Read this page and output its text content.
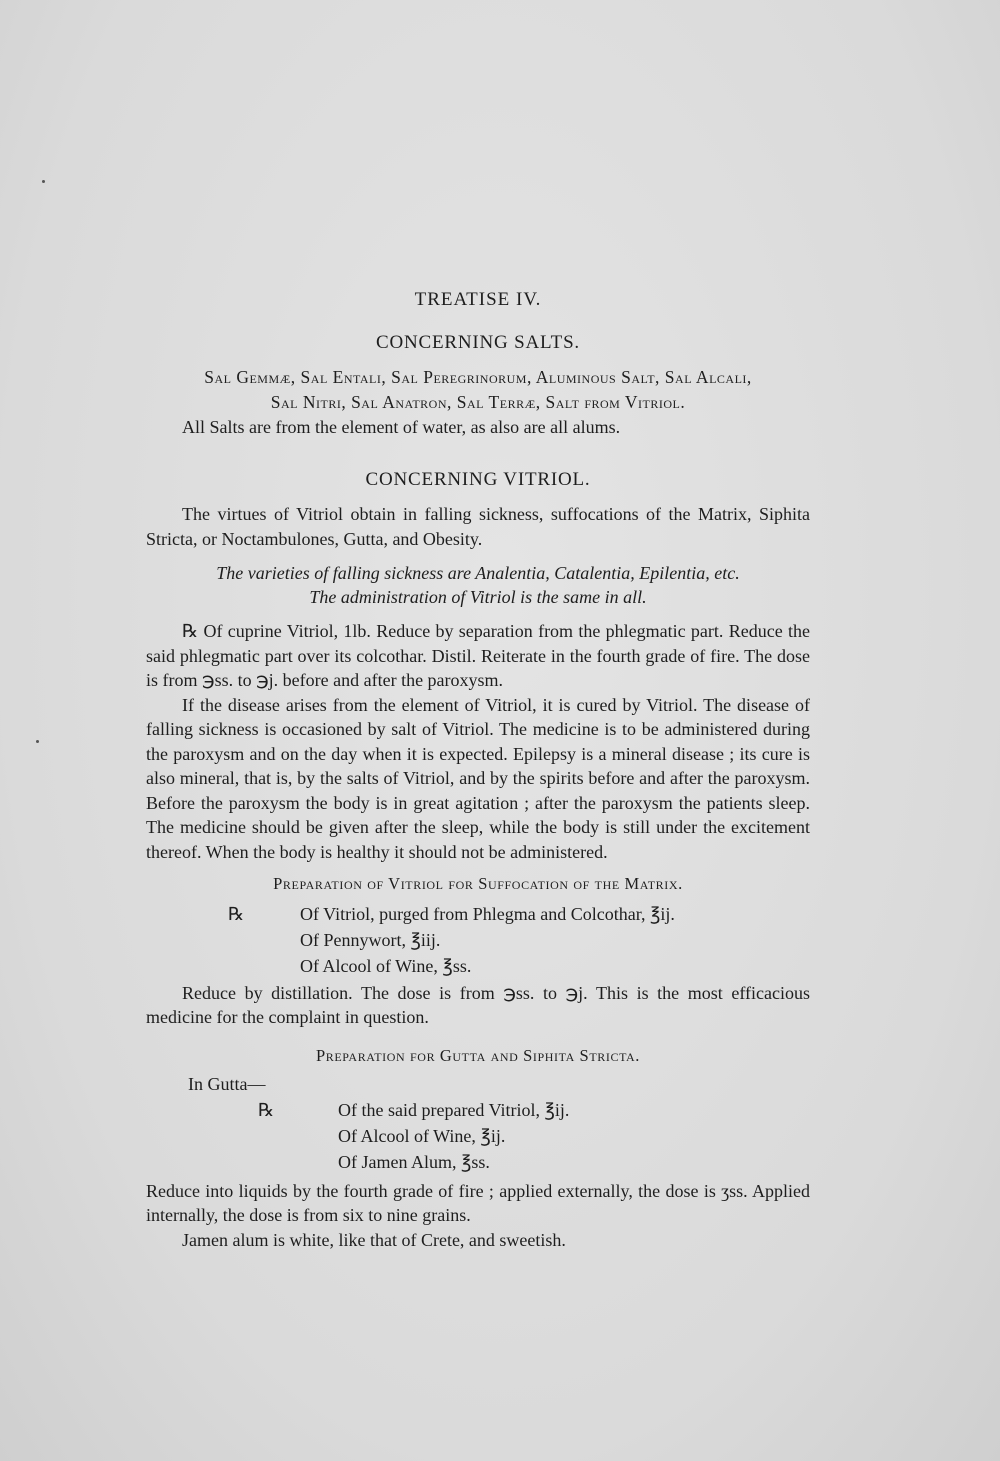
TREATISE IV.
CONCERNING SALTS.
Sal Gemmæ, Sal Entali, Sal Peregrinorum, Aluminous Salt, Sal Alcali,
Sal Nitri, Sal Anatron, Sal Terræ, Salt from Vitriol.

All Salts are from the element of water, as also are all alums.

CONCERNING VITRIOL.

The virtues of Vitriol obtain in falling sickness, suffocations of the Matrix, Siphita Stricta, or Noctambulones, Gutta, and Obesity.

The varieties of falling sickness are Analentia, Catalentia, Epilentia, etc.
The administration of Vitriol is the same in all.

℞ Of cuprine Vitriol, 1lb. Reduce by separation from the phlegmatic part. Reduce the said phlegmatic part over its colcothar. Distil. Reiterate in the fourth grade of fire. The dose is from ℈ss. to ℈j. before and after the paroxysm.

If the disease arises from the element of Vitriol, it is cured by Vitriol. The disease of falling sickness is occasioned by salt of Vitriol. The medicine is to be administered during the paroxysm and on the day when it is expected. Epilepsy is a mineral disease ; its cure is also mineral, that is, by the salts of Vitriol, and by the spirits before and after the paroxysm. Before the paroxysm the body is in great agitation ; after the paroxysm the patients sleep. The medicine should be given after the sleep, while the body is still under the excitement thereof. When the body is healthy it should not be administered.

Preparation of Vitriol for Suffocation of the Matrix.
℞	Of Vitriol, purged from Phlegma and Colcothar, ℥ij.
Of Pennywort, ℥iij.
Of Alcool of Wine, ℥ss.

Reduce by distillation. The dose is from ℈ss. to ℈j. This is the most efficacious medicine for the complaint in question.

Preparation for Gutta and Siphita Stricta.
In Gutta—
℞	Of the said prepared Vitriol, ℥ij.
Of Alcool of Wine, ℥ij.
Of Jamen Alum, ℥ss.

Reduce into liquids by the fourth grade of fire ; applied externally, the dose is ʒss. Applied internally, the dose is from six to nine grains.

Jamen alum is white, like that of Crete, and sweetish.
